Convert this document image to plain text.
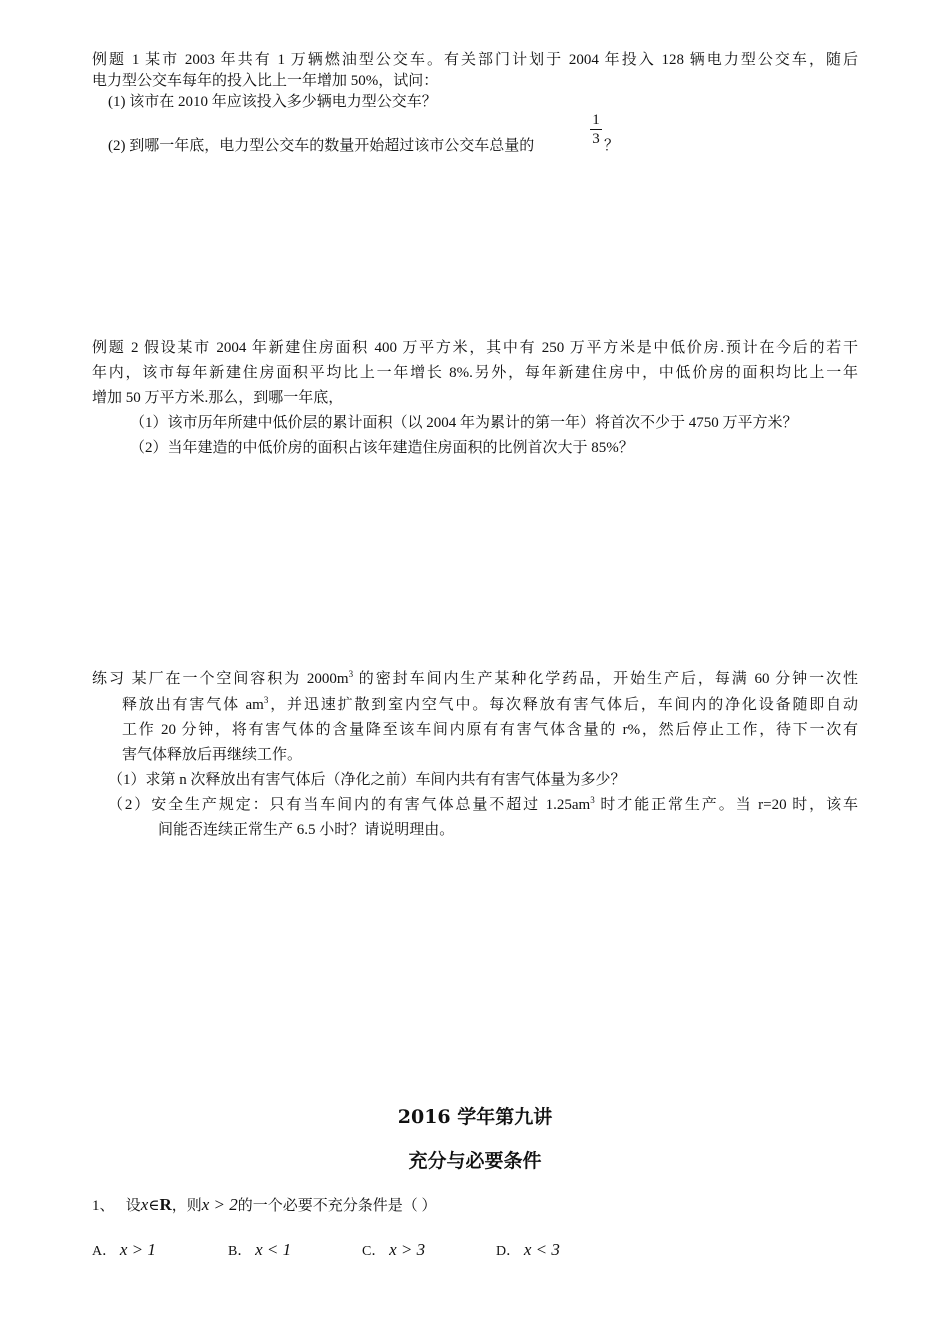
例题 1 某市 2003 年共有 1 万辆燃油型公交车。有关部门计划于 2004 年投入 128 辆电力型公交车，随后
电力型公交车每年的投入比上一年增加 50%，试问：
(1) 该市在 2010 年应该投入多少辆电力型公交车？
(2) 到哪一年底，电力型公交车的数量开始超过该市公交车总量的
1
3 ？
例题 2 假设某市 2004 年新建住房面积 400 万平方米，其中有 250 万平方米是中低价房.预计在今后的若干
年内，该市每年新建住房面积平均比上一年增长 8%.另外，每年新建住房中，中低价房的面积均比上一年
增加 50 万平方米.那么，到哪一年底，
（1）该市历年所建中低价层的累计面积（以 2004 年为累计的第一年）将首次不少于 4750 万平方米？
（2）当年建造的中低价房的面积占该年建造住房面积的比例首次大于 85%？
练习 某厂在一个空间容积为 $2000m^3$ 的密封车间内生产某种化学药品，开始生产后，每满 60 分钟一次性
释放出有害气体 $am^3$，并迅速扩散到室内空气中。每次释放有害气体后，车间内的净化设备随即自动
工作 20 分钟，将有害气体的含量降至该车间内原有有害气体含量的 r%，然后停止工作，待下一次有
害气体释放后再继续工作。
（1）求第 n 次释放出有害气体后（净化之前）车间内共有有害气体量为多少？
（2）安全生产规定：只有当车间内的有害气体总量不超过 $1.25am^3$ 时才能正常生产。当 r=20 时，该车
间能否连续正常生产 6.5 小时？请说明理由。
2016 学年第九讲
充分与必要条件
1、 设x∈R，则x > 2的一个必要不充分条件是（ ）
A． x > 1	B． x < 1	C． x > 3	D． x < 3
